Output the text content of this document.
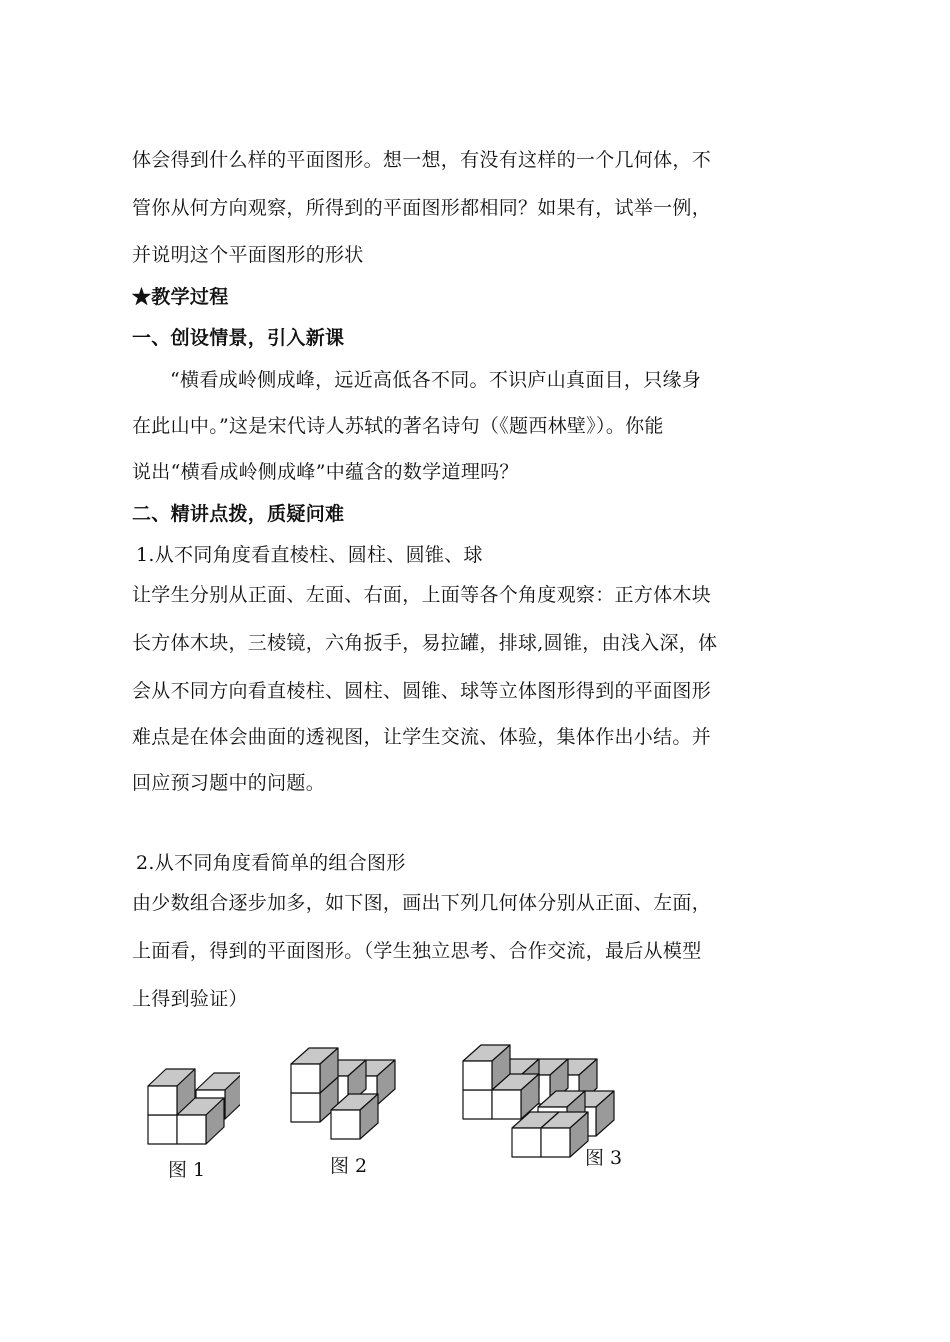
体会得到什么样的平面图形。想一想，有没有这样的一个几何体，不
管你从何方向观察，所得到的平面图形都相同？如果有，试举一例，
并说明这个平面图形的形状
★教学过程
一、创设情景，引入新课
“横看成岭侧成峰，远近高低各不同。不识庐山真面目，只缘身
在此山中。”这是宋代诗人苏轼的著名诗句（《题西林壁》）。你能
说出“横看成岭侧成峰”中蕴含的数学道理吗？
二、精讲点拨，质疑问难
1.从不同角度看直棱柱、圆柱、圆锥、球
让学生分别从正面、左面、右面，上面等各个角度观察：正方体木块
长方体木块，三棱镜，六角扳手，易拉罐，排球,圆锥，由浅入深，体
会从不同方向看直棱柱、圆柱、圆锥、球等立体图形得到的平面图形
难点是在体会曲面的透视图，让学生交流、体验，集体作出小结。并
回应预习题中的问题。
2.从不同角度看简单的组合图形
由少数组合逐步加多，如下图，画出下列几何体分别从正面、左面，
上面看，得到的平面图形。（学生独立思考、合作交流，最后从模型
上得到验证）
图 1	图 2	图 3
